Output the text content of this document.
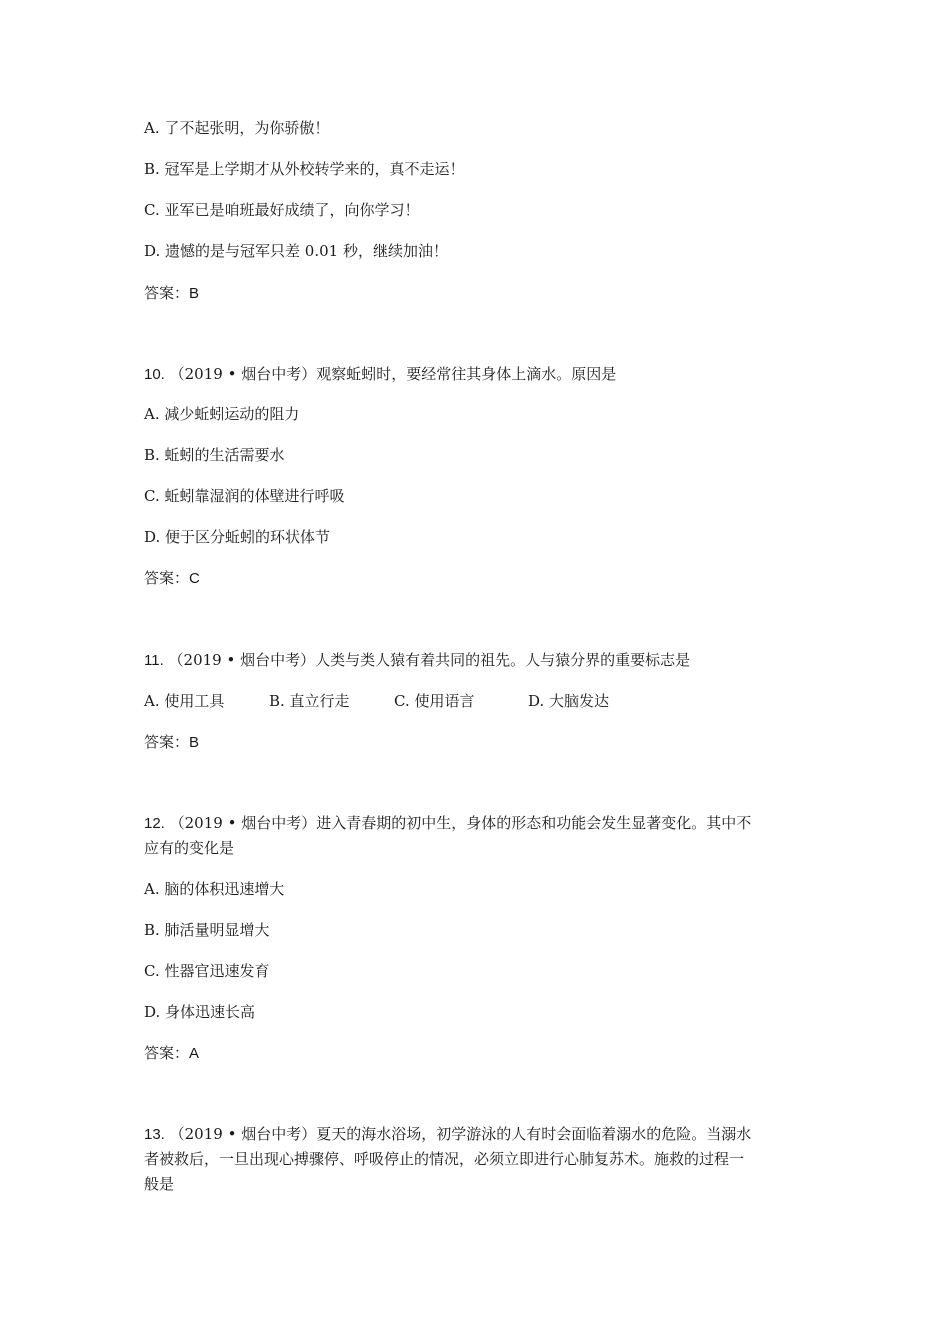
A. 了不起张明，为你骄傲！
B. 冠军是上学期才从外校转学来的，真不走运！
C. 亚军已是咱班最好成绩了，向你学习！
D. 遗憾的是与冠军只差 0.01 秒，继续加油！
答案：B
10. （2019 • 烟台中考）观察蚯蚓时，要经常往其身体上滴水。原因是
A. 减少蚯蚓运动的阻力
B. 蚯蚓的生活需要水
C. 蚯蚓靠湿润的体壁进行呼吸
D. 便于区分蚯蚓的环状体节
答案：C
11. （2019 • 烟台中考）人类与类人猿有着共同的祖先。人与猿分界的重要标志是
A. 使用工具	B. 直立行走	C. 使用语言	D. 大脑发达
答案：B
12. （2019 • 烟台中考）进入青春期的初中生，身体的形态和功能会发生显著变化。其中不
应有的变化是
A. 脑的体积迅速增大
B. 肺活量明显增大
C. 性器官迅速发育
D. 身体迅速长高
答案：A
13. （2019 • 烟台中考）夏天的海水浴场，初学游泳的人有时会面临着溺水的危险。当溺水
者被救后，一旦出现心搏骤停、呼吸停止的情况，必须立即进行心肺复苏术。施救的过程一
般是
